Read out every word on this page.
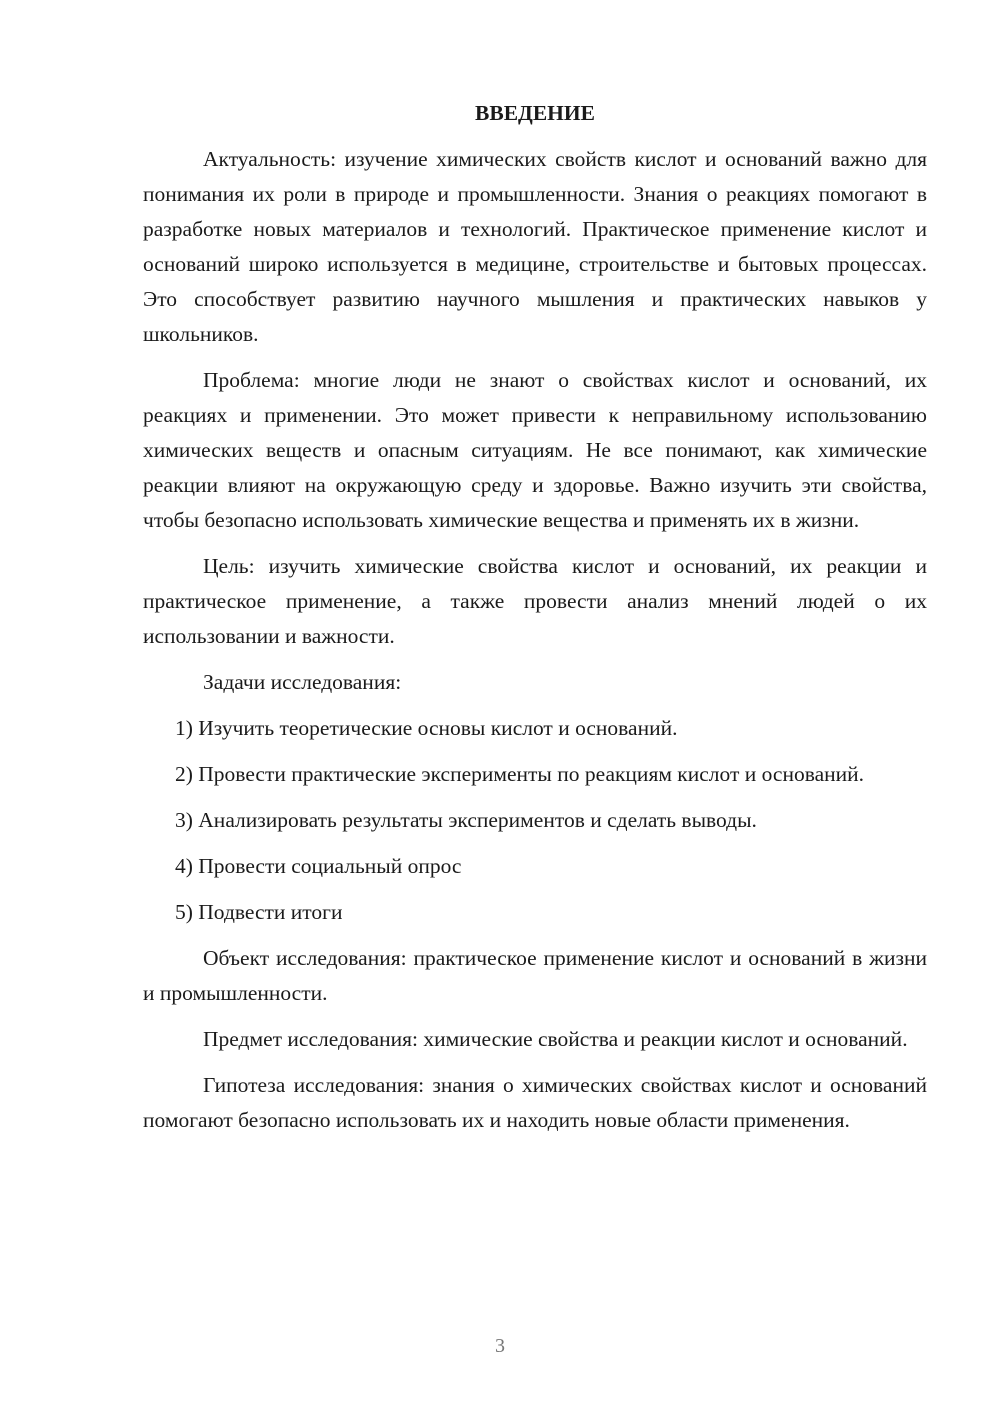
ВВЕДЕНИЕ

Актуальность: изучение химических свойств кислот и оснований важно для понимания их роли в природе и промышленности. Знания о реакциях помогают в разработке новых материалов и технологий. Практическое применение кислот и оснований широко используется в медицине, строительстве и бытовых процессах. Это способствует развитию научного мышления и практических навыков у школьников.

Проблема: многие люди не знают о свойствах кислот и оснований, их реакциях и применении. Это может привести к неправильному использованию химических веществ и опасным ситуациям. Не все понимают, как химические реакции влияют на окружающую среду и здоровье. Важно изучить эти свойства, чтобы безопасно использовать химические вещества и применять их в жизни.

Цель: изучить химические свойства кислот и оснований, их реакции и практическое применение, а также провести анализ мнений людей о их использовании и важности.

Задачи исследования:

1) Изучить теоретические основы кислот и оснований.

2) Провести практические эксперименты по реакциям кислот и оснований.

3) Анализировать результаты экспериментов и сделать выводы.

4) Провести социальный опрос

5) Подвести итоги

Объект исследования: практическое применение кислот и оснований в жизни и промышленности.

Предмет исследования: химические свойства и реакции кислот и оснований.

Гипотеза исследования: знания о химических свойствах кислот и оснований помогают безопасно использовать их и находить новые области применения.

3
